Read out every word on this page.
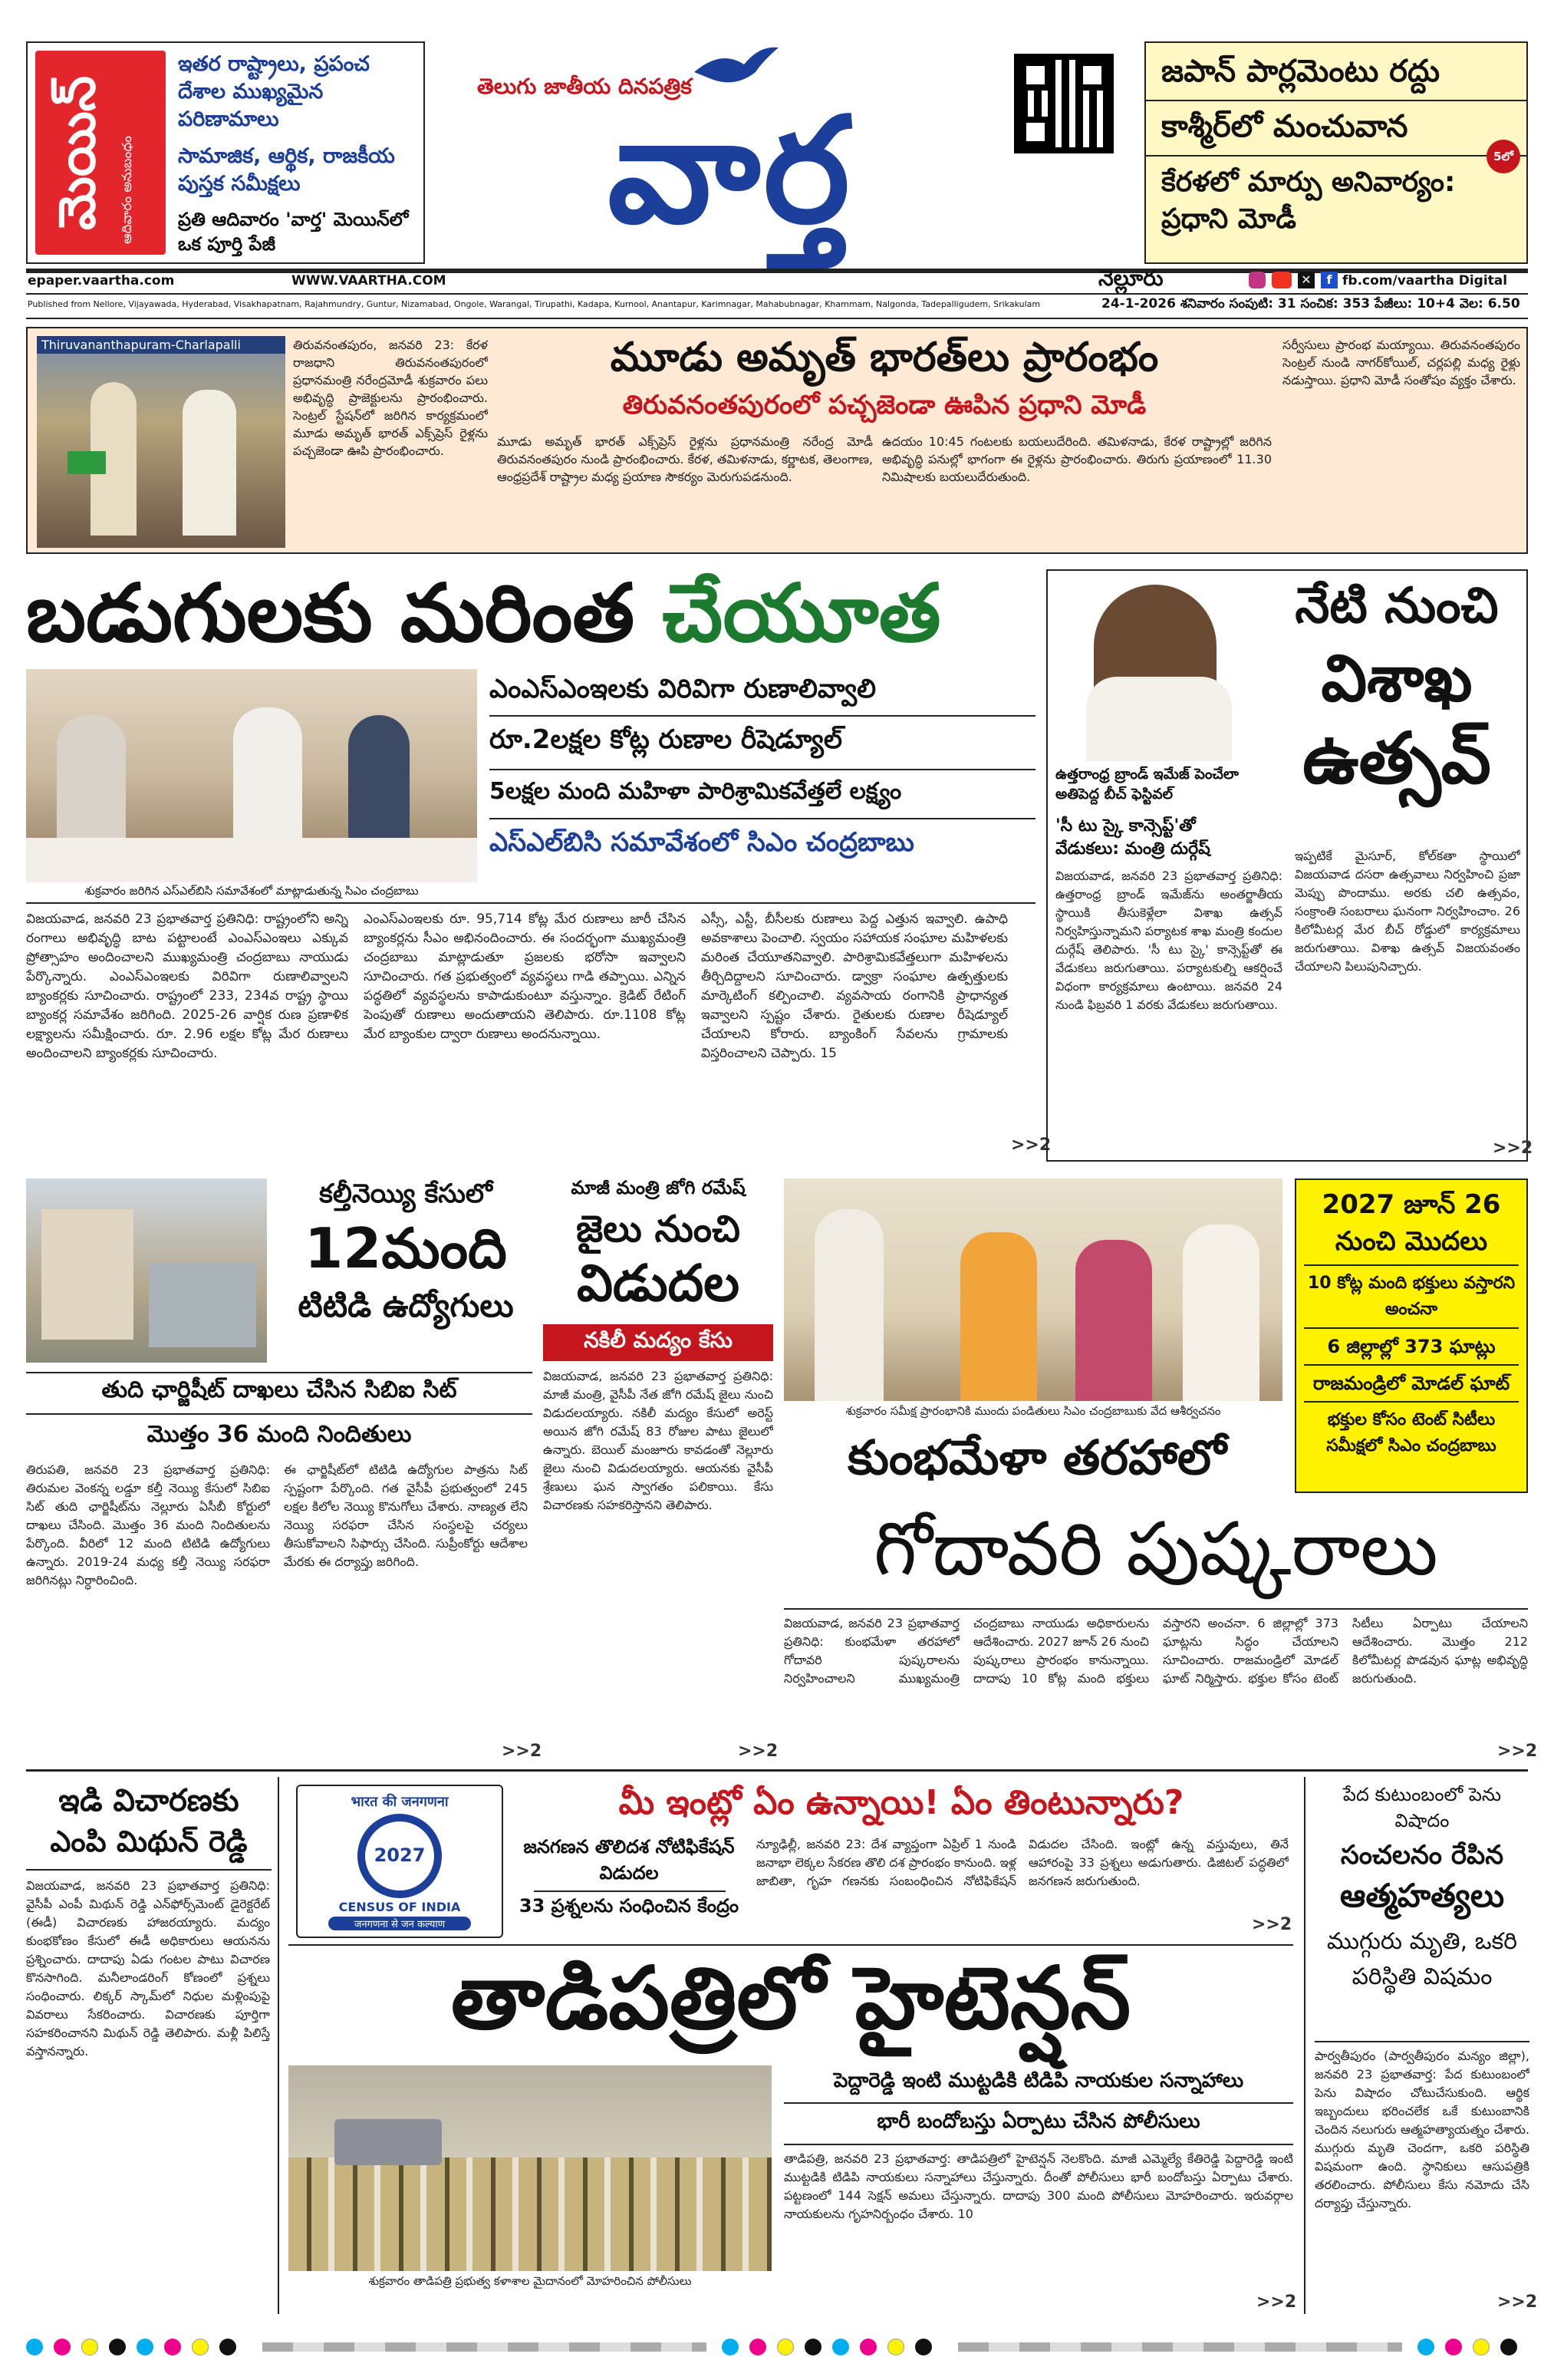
మెయిన్	ఆదివారం అనుబంధం
ఇతర రాష్ట్రాలు, ప్రపంచ దేశాల ముఖ్యమైన పరిణామాలు
సామాజిక, ఆర్థిక, రాజకీయ పుస్తక సమీక్షలు
ప్రతి ఆదివారం 'వార్త' మెయిన్‌లో ఒక పూర్తి పేజీ
తెలుగు జాతీయ దినపత్రిక
వార్త
జపాన్ పార్లమెంటు రద్దు
కాశ్మీర్‌లో మంచువాన
కేరళలో మార్పు అనివార్యం: ప్రధాని మోడీ
5లో
epaper.vaartha.com	WWW.VAARTHA.COM	నెల్లూరు	✕	f fb.com/vaartha Digital
Published from Nellore, Vijayawada, Hyderabad, Visakhapatnam, Rajahmundry, Guntur, Nizamabad, Ongole, Warangal, Tirupathi, Kadapa, Kurnool, Anantapur, Karimnagar, Mahabubnagar, Khammam, Nalgonda, Tadepalligudem, Srikakulam	24-1-2026 శనివారం సంపుటి: 31 సంచిక: 353 పేజీలు: 10+4 వెల: 6.50
Thiruvananthapuram-Charlapalli	తిరువనంతపురం, జనవరి 23: కేరళ రాజధాని తిరువనంతపురంలో ప్రధానమంత్రి నరేంద్రమోడీ శుక్రవారం పలు అభివృద్ధి ప్రాజెక్టులను ప్రారంభించారు. సెంట్రల్ స్టేషన్‌లో జరిగిన కార్యక్రమంలో మూడు అమృత్ భారత్ ఎక్స్‌ప్రెస్ రైళ్లను పచ్చజెండా ఊపి ప్రారంభించారు.
మూడు అమృత్ భారత్‌లు ప్రారంభం
తిరువనంతపురంలో పచ్చజెండా ఊపిన ప్రధాని మోడీ
మూడు అమృత్ భారత్ ఎక్స్‌ప్రెస్ రైళ్లను ప్రధానమంత్రి నరేంద్ర మోడీ తిరువనంతపురం నుండి ప్రారంభించారు. కేరళ, తమిళనాడు, కర్ణాటక, తెలంగాణ, ఆంధ్రప్రదేశ్ రాష్ట్రాల మధ్య ప్రయాణ సౌకర్యం మెరుగుపడనుంది.
ఉదయం 10:45 గంటలకు బయలుదేరింది. తమిళనాడు, కేరళ రాష్ట్రాల్లో జరిగిన అభివృద్ధి పనుల్లో భాగంగా ఈ రైళ్లను ప్రారంభించారు. తిరుగు ప్రయాణంలో 11.30 నిమిషాలకు బయలుదేరుతుంది.
సర్వీసులు ప్రారంభ మయ్యాయి. తిరువనంతపురం సెంట్రల్ నుండి నాగర్‌కోయిల్, చర్లపల్లి మధ్య రైళ్లు నడుస్తాయి. ప్రధాని మోడీ సంతోషం వ్యక్తం చేశారు.
బడుగులకు మరింత చేయూత
శుక్రవారం జరిగిన ఎస్ఎల్‌బిసి సమావేశంలో మాట్లాడుతున్న సిఎం చంద్రబాబు
ఎంఎస్ఎంఇలకు విరివిగా రుణాలివ్వాలి
రూ.2లక్షల కోట్ల రుణాల రీషెడ్యూల్
5లక్షల మంది మహిళా పారిశ్రామికవేత్తలే లక్ష్యం
ఎస్ఎల్‌బిసి సమావేశంలో సిఎం చంద్రబాబు
విజయవాడ, జనవరి 23 ప్రభాతవార్త ప్రతినిధి: రాష్ట్రంలోని అన్ని రంగాలు అభివృద్ధి బాట పట్టాలంటే ఎంఎస్ఎంఇలు ఎక్కువ ప్రోత్సాహం అందించాలని ముఖ్యమంత్రి చంద్రబాబు నాయుడు పేర్కొన్నారు. ఎంఎస్ఎంఇలకు విరివిగా రుణాలివ్వాలని బ్యాంకర్లకు సూచించారు. రాష్ట్రంలో 233, 234వ రాష్ట్ర స్థాయి బ్యాంకర్ల సమావేశం జరిగింది. 2025-26 వార్షిక రుణ ప్రణాళిక లక్ష్యాలను సమీక్షించారు. రూ. 2.96 లక్షల కోట్ల మేర రుణాలు అందించాలని బ్యాంకర్లకు సూచించారు.
ఎంఎస్ఎంఇలకు రూ. 95,714 కోట్ల మేర రుణాలు జారీ చేసిన బ్యాంకర్లను సీఎం అభినందించారు. ఈ సందర్భంగా ముఖ్యమంత్రి చంద్రబాబు మాట్లాడుతూ ప్రజలకు భరోసా ఇవ్వాలని సూచించారు. గత ప్రభుత్వంలో వ్యవస్థలు గాడి తప్పాయి. ఎన్నిన పద్ధతిలో వ్యవస్థలను కాపాడుకుంటూ వస్తున్నాం. క్రెడిట్ రేటింగ్ పెంపుతో రుణాలు అందుతాయని తెలిపారు. రూ.1108 కోట్ల మేర బ్యాంకుల ద్వారా రుణాలు అందనున్నాయి.
ఎస్సీ, ఎస్టీ, బీసీలకు రుణాలు పెద్ద ఎత్తున ఇవ్వాలి. ఉపాధి అవకాశాలు పెంచాలి. స్వయం సహాయక సంఘాల మహిళలకు మరింత చేయూతనివ్వాలి. పారిశ్రామికవేత్తలుగా మహిళలను తీర్చిదిద్దాలని సూచించారు. డ్వాక్రా సంఘాల ఉత్పత్తులకు మార్కెటింగ్ కల్పించాలి. వ్యవసాయ రంగానికి ప్రాధాన్యత ఇవ్వాలని స్పష్టం చేశారు. రైతులకు రుణాల రీషెడ్యూల్ చేయాలని కోరారు. బ్యాంకింగ్ సేవలను గ్రామాలకు విస్తరించాలని చెప్పారు. 15
>>2
ఉత్తరాంధ్ర బ్రాండ్ ఇమేజ్ పెంచేలా అతిపెద్ద బీచ్ ఫెస్టివల్
నేటి నుంచి
విశాఖ
ఉత్సవ్
'సీ టు స్కై కాన్సెప్ట్'తో వేడుకలు: మంత్రి దుర్గేష్
విజయవాడ, జనవరి 23 ప్రభాతవార్త ప్రతినిధి: ఉత్తరాంధ్ర బ్రాండ్ ఇమేజ్‌ను అంతర్జాతీయ స్థాయికి తీసుకెళ్లేలా విశాఖ ఉత్సవ్ నిర్వహిస్తున్నామని పర్యాటక శాఖ మంత్రి కందుల దుర్గేష్ తెలిపారు. 'సీ టు స్కై' కాన్సెప్ట్‌తో ఈ వేడుకలు జరుగుతాయి. పర్యాటకుల్ని ఆకర్షించే విధంగా కార్యక్రమాలు ఉంటాయి. జనవరి 24 నుండి ఫిబ్రవరి 1 వరకు వేడుకలు జరుగుతాయి.
ఇప్పటికే మైసూర్, కోల్‌కతా స్థాయిలో విజయవాడ దసరా ఉత్సవాలు నిర్వహించి ప్రజా మెప్పు పొందాము. అరకు చలి ఉత్సవం, సంక్రాంతి సంబరాలు ఘనంగా నిర్వహించాం. 26 కిలోమీటర్ల మేర బీచ్ రోడ్డులో కార్యక్రమాలు జరుగుతాయి. విశాఖ ఉత్సవ్ విజయవంతం చేయాలని పిలుపునిచ్చారు.
>>2
కల్తీనెయ్యి కేసులో
12మంది
టిటిడి ఉద్యోగులు
తుది ఛార్జిషీట్ దాఖలు చేసిన సిబిఐ సిట్
మొత్తం 36 మంది నిందితులు
తిరుపతి, జనవరి 23 ప్రభాతవార్త ప్రతినిధి: తిరుమల వెంకన్న లడ్డూ కల్తీ నెయ్యి కేసులో సిబిఐ సిట్ తుది ఛార్జిషీట్‌ను నెల్లూరు ఏసీబీ కోర్టులో దాఖలు చేసింది. మొత్తం 36 మంది నిందితులను పేర్కొంది. వీరిలో 12 మంది టిటిడి ఉద్యోగులు ఉన్నారు. 2019-24 మధ్య కల్తీ నెయ్యి సరఫరా జరిగినట్లు నిర్ధారించింది.
ఈ ఛార్జిషీట్‌లో టిటిడి ఉద్యోగుల పాత్రను సిట్ స్పష్టంగా పేర్కొంది. గత వైసీపీ ప్రభుత్వంలో 245 లక్షల కిలోల నెయ్యి కొనుగోలు చేశారు. నాణ్యత లేని నెయ్యి సరఫరా చేసిన సంస్థలపై చర్యలు తీసుకోవాలని సిఫార్సు చేసింది. సుప్రీంకోర్టు ఆదేశాల మేరకు ఈ దర్యాప్తు జరిగింది.
>>2
మాజీ మంత్రి జోగి రమేష్
జైలు నుంచి
విడుదల
నకిలీ మద్యం కేసు
విజయవాడ, జనవరి 23 ప్రభాతవార్త ప్రతినిధి: మాజీ మంత్రి, వైసీపీ నేత జోగి రమేష్ జైలు నుంచి విడుదలయ్యారు. నకిలీ మద్యం కేసులో అరెస్ట్ అయిన జోగి రమేష్ 83 రోజుల పాటు జైలులో ఉన్నారు. బెయిల్ మంజూరు కావడంతో నెల్లూరు జైలు నుంచి విడుదలయ్యారు. ఆయనకు వైసీపీ శ్రేణులు ఘన స్వాగతం పలికాయి. కేసు విచారణకు సహకరిస్తానని తెలిపారు.
>>2
శుక్రవారం సమీక్ష ప్రారంభానికి ముందు పండితులు సిఎం చంద్రబాబుకు వేద ఆశీర్వచనం
2027 జూన్ 26 నుంచి మొదలు
10 కోట్ల మంది భక్తులు వస్తారని అంచనా
6 జిల్లాల్లో 373 ఘాట్లు
రాజమండ్రిలో మోడల్ ఘాట్
భక్తుల కోసం టెంట్ సిటీలు
సమీక్షలో సిఎం చంద్రబాబు
కుంభమేళా తరహాలో
గోదావరి పుష్కరాలు
విజయవాడ, జనవరి 23 ప్రభాతవార్త ప్రతినిధి: కుంభమేళా తరహాలో గోదావరి పుష్కరాలను నిర్వహించాలని ముఖ్యమంత్రి చంద్రబాబు నాయుడు అధికారులను ఆదేశించారు. 2027 జూన్ 26 నుంచి పుష్కరాలు ప్రారంభం కానున్నాయి. దాదాపు 10 కోట్ల మంది భక్తులు వస్తారని అంచనా. 6 జిల్లాల్లో 373 ఘాట్లను సిద్ధం చేయాలని సూచించారు. రాజమండ్రిలో మోడల్ ఘాట్ నిర్మిస్తారు. భక్తుల కోసం టెంట్ సిటీలు ఏర్పాటు చేయాలని ఆదేశించారు. మొత్తం 212 కిలోమీటర్ల పొడవున ఘాట్ల అభివృద్ధి జరుగుతుంది.
>>2
ఇడి విచారణకు
ఎంపి మిథున్ రెడ్డి
విజయవాడ, జనవరి 23 ప్రభాతవార్త ప్రతినిధి: వైసీపీ ఎంపీ మిథున్ రెడ్డి ఎన్‌ఫోర్స్‌మెంట్ డైరెక్టరేట్ (ఈడీ) విచారణకు హాజరయ్యారు. మద్యం కుంభకోణం కేసులో ఈడీ అధికారులు ఆయనను ప్రశ్నించారు. దాదాపు ఏడు గంటల పాటు విచారణ కొనసాగింది. మనీలాండరింగ్ కోణంలో ప్రశ్నలు సంధించారు. లిక్కర్ స్కామ్‌లో నిధుల మళ్లింపుపై వివరాలు సేకరించారు. విచారణకు పూర్తిగా సహకరించానని మిథున్ రెడ్డి తెలిపారు. మళ్లీ పిలిస్తే వస్తానన్నారు.
भारत की जनगणना
2027
CENSUS OF INDIA
जनगणना से जन कल्याण
మీ ఇంట్లో ఏం ఉన్నాయి! ఏం తింటున్నారు?
జనగణన తొలిదశ నోటిఫికేషన్ విడుదల
33 ప్రశ్నలను సంధించిన కేంద్రం
న్యూఢిల్లీ, జనవరి 23: దేశ వ్యాప్తంగా ఏప్రిల్ 1 నుండి జనాభా లెక్కల సేకరణ తొలి దశ ప్రారంభం కానుంది. ఇళ్ల జాబితా, గృహ గణనకు సంబంధించిన నోటిఫికేషన్ విడుదల చేసింది. ఇంట్లో ఉన్న వస్తువులు, తినే ఆహారంపై 33 ప్రశ్నలు అడుగుతారు. డిజిటల్ పద్ధతిలో జనగణన జరుగుతుంది.
>>2
తాడిపత్రిలో హైటెన్షన్
శుక్రవారం తాడిపత్రి ప్రభుత్వ కళాశాల మైదానంలో మోహరించిన పోలీసులు
పెద్దారెడ్డి ఇంటి ముట్టడికి టిడిపి నాయకుల సన్నాహాలు
భారీ బందోబస్తు ఏర్పాటు చేసిన పోలీసులు
తాడిపత్రి, జనవరి 23 ప్రభాతవార్త: తాడిపత్రిలో హైటెన్షన్ నెలకొంది. మాజీ ఎమ్మెల్యే కేతిరెడ్డి పెద్దారెడ్డి ఇంటి ముట్టడికి టిడిపి నాయకులు సన్నాహాలు చేస్తున్నారు. దీంతో పోలీసులు భారీ బందోబస్తు ఏర్పాటు చేశారు. పట్టణంలో 144 సెక్షన్ అమలు చేస్తున్నారు. దాదాపు 300 మంది పోలీసులు మోహరించారు. ఇరువర్గాల నాయకులను గృహనిర్బంధం చేశారు. 10
>>2
పేద కుటుంబంలో పెను విషాదం
సంచలనం రేపిన
ఆత్మహత్యలు
ముగ్గురు మృతి, ఒకరి పరిస్థితి విషమం
పార్వతీపురం (పార్వతీపురం మన్యం జిల్లా), జనవరి 23 ప్రభాతవార్త: పేద కుటుంబంలో పెను విషాదం చోటుచేసుకుంది. ఆర్థిక ఇబ్బందులు భరించలేక ఒకే కుటుంబానికి చెందిన నలుగురు ఆత్మహత్యాయత్నం చేశారు. ముగ్గురు మృతి చెందగా, ఒకరి పరిస్థితి విషమంగా ఉంది. స్థానికులు ఆసుపత్రికి తరలించారు. పోలీసులు కేసు నమోదు చేసి దర్యాప్తు చేస్తున్నారు.
>>2
